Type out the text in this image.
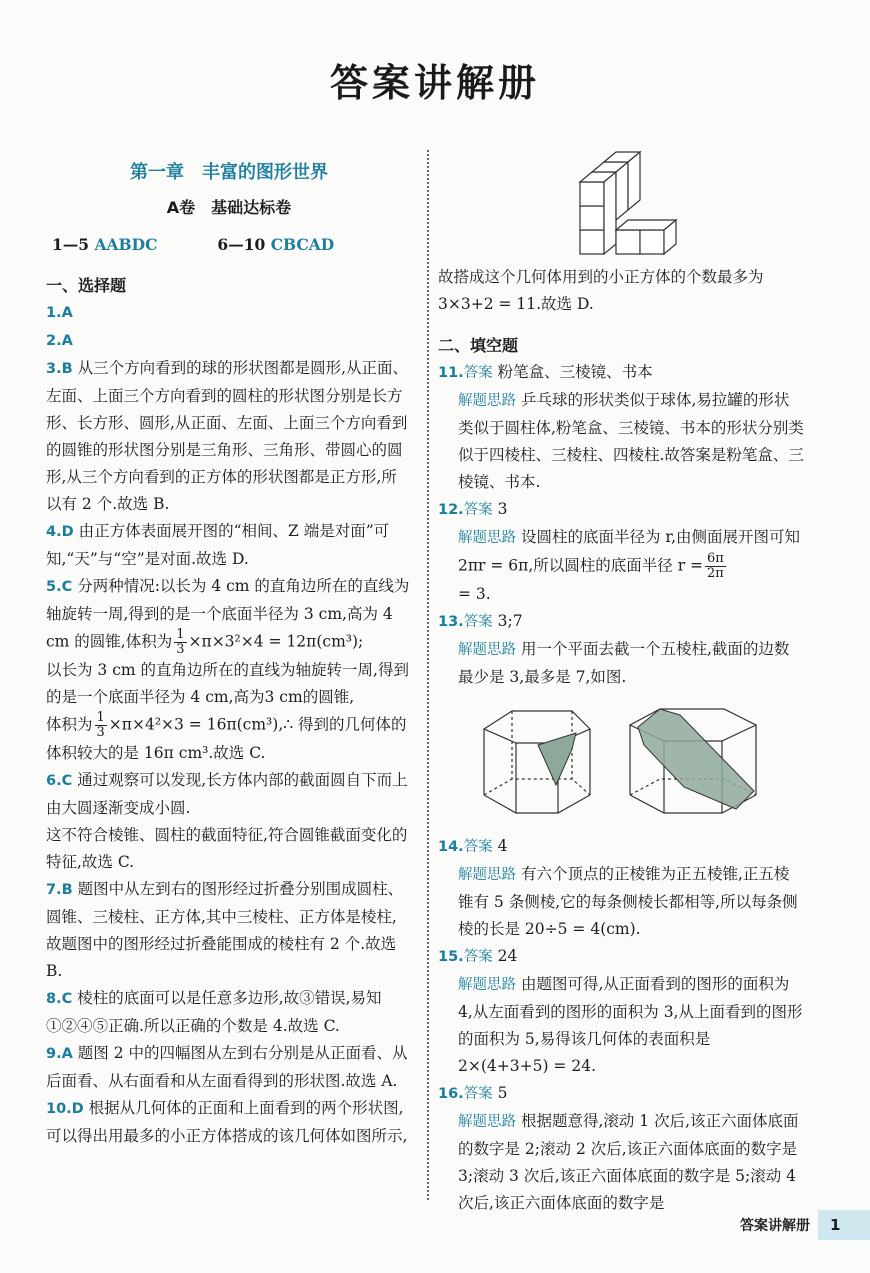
答案讲解册
第一章　丰富的图形世界
A卷　基础达标卷
1—5 AABDC	6—10 CBCAD
一、选择题
1.A
2.A
3.B 从三个方向看到的球的形状图都是圆形,从正面、左面、上面三个方向看到的圆柱的形状图分别是长方形、长方形、圆形,从正面、左面、上面三个方向看到的圆锥的形状图分别是三角形、三角形、带圆心的圆形,从三个方向看到的正方体的形状图都是正方形,所以有 2 个.故选 B.
4.D 由正方体表面展开图的“相间、Z 端是对面”可知,“天”与“空”是对面.故选 D.
5.C 分两种情况:以长为 4 cm 的直角边所在的直线为轴旋转一周,得到的是一个底面半径为 3 cm,高为 4 cm 的圆锥,体积为 $\frac{1}{3} \times\pi\times 3^2\times 4 = 12\pi(cm^3)$;
以长为 3 cm 的直角边所在的直线为轴旋转一周,得到的是一个底面半径为 4 cm,高为3 cm的圆锥,
体积为 $\frac{1}{3} \times\pi\times 4^2\times 3$ = 16π(cm³),∴ 得到的几何体的体积较大的是 16π cm³.故选 C.
6.C 通过观察可以发现,长方体内部的截面圆自下而上由大圆逐渐变成小圆.
这不符合棱锥、圆柱的截面特征,符合圆锥截面变化的特征,故选 C.
7.B 题图中从左到右的图形经过折叠分别围成圆柱、圆锥、三棱柱、正方体,其中三棱柱、正方体是棱柱,故题图中的图形经过折叠能围成的棱柱有 2 个.故选 B.
8.C 棱柱的底面可以是任意多边形,故③错误,易知①②④⑤正确.所以正确的个数是 4.故选 C.
9.A 题图 2 中的四幅图从左到右分别是从正面看、从后面看、从右面看和从左面看得到的形状图.故选 A.
10.D 根据从几何体的正面和上面看到的两个形状图,可以得出用最多的小正方体搭成的该几何体如图所示,
故搭成这个几何体用到的小正方体的个数最多为 3×3+2 = 11.故选 D.
二、填空题
11.答案 粉笔盒、三棱镜、书本
解题思路 乒乓球的形状类似于球体,易拉罐的形状类似于圆柱体,粉笔盒、三棱镜、书本的形状分别类似于四棱柱、三棱柱、四棱柱.故答案是粉笔盒、三棱镜、书本.
12.答案 3
解题思路 设圆柱的底面半径为 r,由侧面展开图可知 2πr = 6π,所以圆柱的底面半径 $r = \frac{6\pi}{2\pi}$
= 3.
13.答案 3;7
解题思路 用一个平面去截一个五棱柱,截面的边数最少是 3,最多是 7,如图.
14.答案 4
解题思路 有六个顶点的正棱锥为正五棱锥,正五棱锥有 5 条侧棱,它的每条侧棱长都相等,所以每条侧棱的长是 20÷5 = 4(cm).
15.答案 24
解题思路 由题图可得,从正面看到的图形的面积为 4,从左面看到的图形的面积为 3,从上面看到的图形的面积为 5,易得该几何体的表面积是 2×(4+3+5) = 24.
16.答案 5
解题思路 根据题意得,滚动 1 次后,该正六面体底面的数字是 2;滚动 2 次后,该正六面体底面的数字是 3;滚动 3 次后,该正六面体底面的数字是 5;滚动 4 次后,该正六面体底面的数字是
答案讲解册	1
